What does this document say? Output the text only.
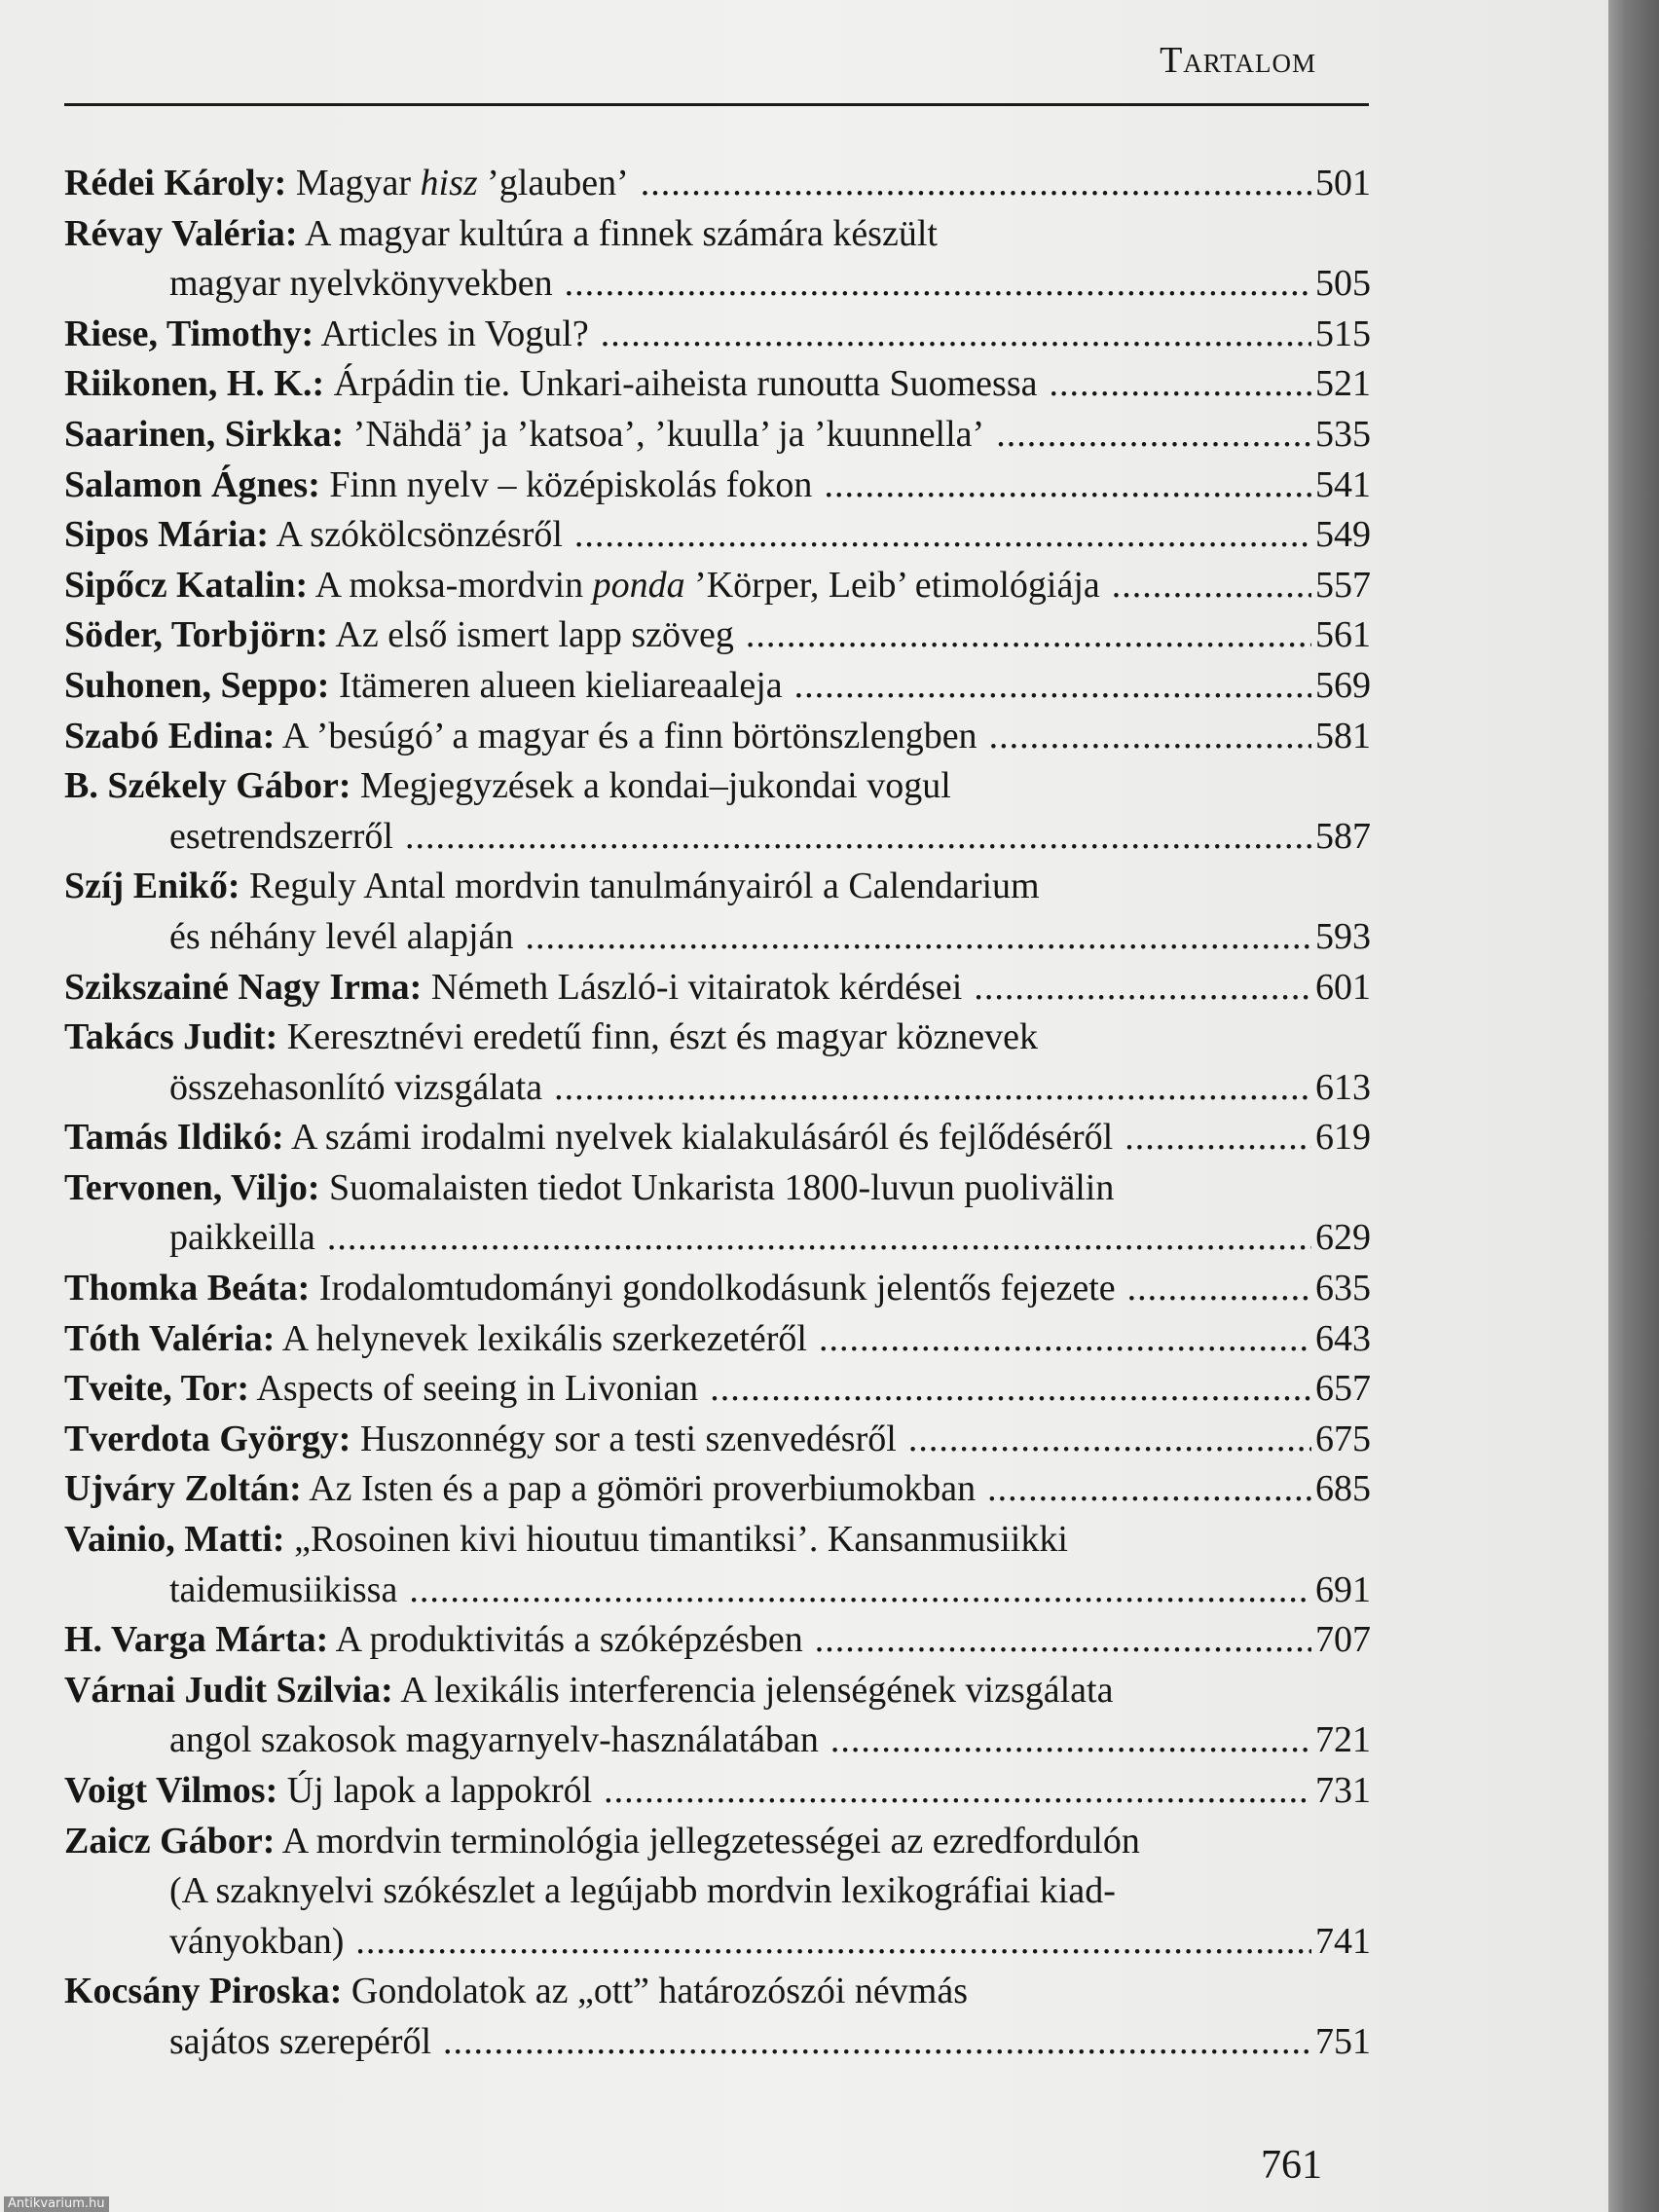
Tartalom
Rédei Károly: Magyar hisz ’glauben’ .....	501
Révay Valéria: A magyar kultúra a finnek számára készült
magyar nyelvkönyvekben .....	505
Riese, Timothy: Articles in Vogul? .....	515
Riikonen, H. K.: Árpádin tie. Unkari-aiheista runoutta Suomessa .....	521
Saarinen, Sirkka: ’Nähdä’ ja ’katsoa’, ’kuulla’ ja ’kuunnella’ .....	535
Salamon Ágnes: Finn nyelv – középiskolás fokon .....	541
Sipos Mária: A szókölcsönzésről .....	549
Sipőcz Katalin: A moksa-mordvin ponda ’Körper, Leib’ etimológiája .....	557
Söder, Torbjörn: Az első ismert lapp szöveg .....	561
Suhonen, Seppo: Itämeren alueen kieliareaaleja .....	569
Szabó Edina: A ’besúgó’ a magyar és a finn börtönszlengben .....	581
B. Székely Gábor: Megjegyzések a kondai–jukondai vogul
esetrendszerről .....	587
Szíj Enikő: Reguly Antal mordvin tanulmányairól a Calendarium
és néhány levél alapján .....	593
Szikszainé Nagy Irma: Németh László-i vitairatok kérdései .....	601
Takács Judit: Keresztnévi eredetű finn, észt és magyar köznevek
összehasonlító vizsgálata .....	613
Tamás Ildikó: A számi irodalmi nyelvek kialakulásáról és fejlődéséről .....	619
Tervonen, Viljo: Suomalaisten tiedot Unkarista 1800-luvun puolivälin
paikkeilla .....	629
Thomka Beáta: Irodalomtudományi gondolkodásunk jelentős fejezete .....	635
Tóth Valéria: A helynevek lexikális szerkezetéről .....	643
Tveite, Tor: Aspects of seeing in Livonian .....	657
Tverdota György: Huszonnégy sor a testi szenvedésről .....	675
Ujváry Zoltán: Az Isten és a pap a gömöri proverbiumokban .....	685
Vainio, Matti: „Rosoinen kivi hioutuu timantiksi’. Kansanmusiikki
taidemusiikissa .....	691
H. Varga Márta: A produktivitás a szóképzésben .....	707
Várnai Judit Szilvia: A lexikális interferencia jelenségének vizsgálata
angol szakosok magyarnyelv-használatában .....	721
Voigt Vilmos: Új lapok a lappokról .....	731
Zaicz Gábor: A mordvin terminológia jellegzetességei az ezredfordulón
(A szaknyelvi szókészlet a legújabb mordvin lexikográfiai kiad-
ványokban) .....	741
Kocsány Piroska: Gondolatok az „ott” határozószói névmás
sajátos szerepéről .....	751
761
Antikvarium.hu
